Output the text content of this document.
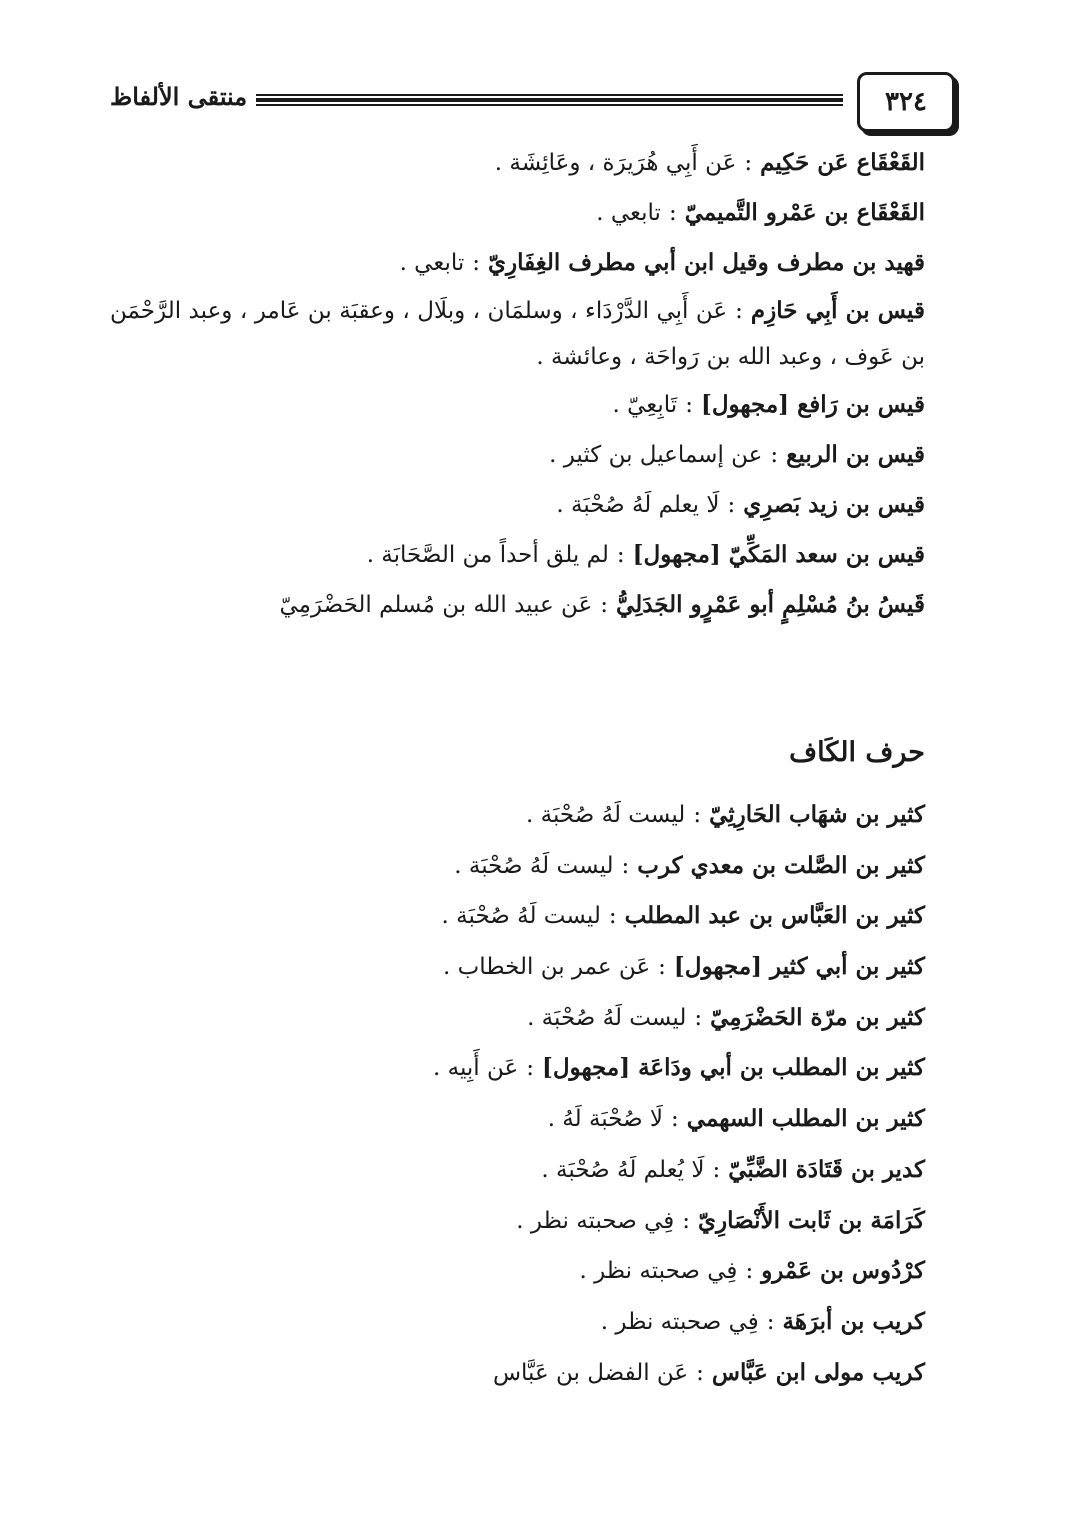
٣٢٤
منتقى الألفاظ
القَعْقَاع عَن حَكِيم:عَن أَبِي هُرَيرَة ، وعَائِشَة .
القَعْقَاع بن عَمْرو التَّميميّ:تابعي .
قهيد بن مطرف وقيل ابن أبي مطرف الغِفَارِيّ:تابعي .
قيس بن أَبِي حَازِم:عَن أَبِي الدَّرْدَاء ، وسلمَان ، وبلَال ، وعقبَة بن عَامر ، وعبد الرَّحْمَن بن عَوف ، وعبد الله بن رَواحَة ، وعائشة .
قيس بن رَافع [مجهول]:تَابِعِيّ .
قيس بن الربيع:عن إسماعيل بن كثير .
قيس بن زيد بَصرِي:لَا يعلم لَهُ صُحْبَة .
قيس بن سعد المَكِّيّ [مجهول]:لم يلق أحداً من الصَّحَابَة .
قَيسُ بنُ مُسْلِمٍ أبو عَمْرٍو الجَدَلِيُّ:عَن عبيد الله بن مُسلم الحَضْرَمِيّ
حرف الكَاف
كثير بن شهَاب الحَارِثِيّ:ليست لَهُ صُحْبَة .
كثير بن الصَّلت بن معدي كرب:ليست لَهُ صُحْبَة .
كثير بن العَبَّاس بن عبد المطلب:ليست لَهُ صُحْبَة .
كثير بن أبي كثير [مجهول]:عَن عمر بن الخطاب .
كثير بن مرّة الحَضْرَمِيّ:ليست لَهُ صُحْبَة .
كثير بن المطلب بن أبي ودَاعَة [مجهول]:عَن أَبِيه .
كثير بن المطلب السهمي:لَا صُحْبَة لَهُ .
كدير بن قَتَادَة الضَّبِّيّ:لَا يُعلم لَهُ صُحْبَة .
كَرَامَة بن ثَابت الأَنْصَارِيّ:فِي صحبته نظر .
كرْدُوس بن عَمْرو:فِي صحبته نظر .
كريب بن أبرَهَة:فِي صحبته نظر .
كريب مولى ابن عَبَّاس:عَن الفضل بن عَبَّاس
